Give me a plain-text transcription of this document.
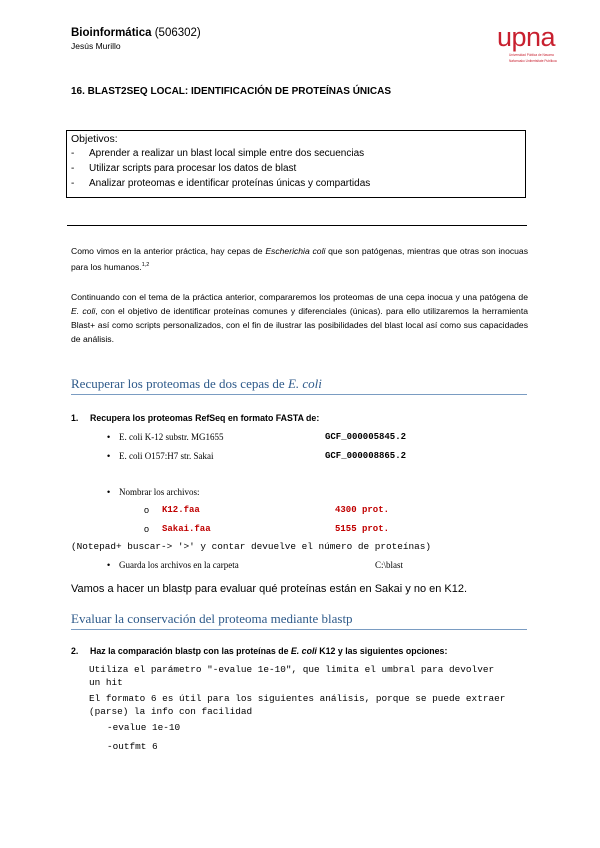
Bioinformática (506302)
Jesús Murillo	upna
Universidad Pública de Navarra
Nafarroako Unibertsitate Publikoa
16. BLAST2SEQ LOCAL: IDENTIFICACIÓN DE PROTEÍNAS ÚNICAS
Objetivos:
- Aprender a realizar un blast local simple entre dos secuencias
- Utilizar scripts para procesar los datos de blast
- Analizar proteomas e identificar proteínas únicas y compartidas
Como vimos en la anterior práctica, hay cepas de Escherichia coli que son patógenas, mientras que otras son inocuas para los humanos.$^{1,2}$
Continuando con el tema de la práctica anterior, compararemos los proteomas de una cepa inocua y una patógena de E. coli, con el objetivo de identificar proteínas comunes y diferenciales (únicas). para ello utilizaremos la herramienta Blast+ así como scripts personalizados, con el fin de ilustrar las posibilidades del blast local así como sus capacidades de análisis.
Recuperar los proteomas de dos cepas de E. coli
1. Recupera los proteomas RefSeq en formato FASTA de:
• E. coli K-12 substr. MG1655	GCF_000005845.2
• E. coli O157:H7 str. Sakai	GCF_000008865.2
• Nombrar los archivos:
o K12.faa	4300 prot.
o Sakai.faa	5155 prot.
(Notepad+ buscar-> '>' y contar devuelve el número de proteínas)
• Guarda los archivos en la carpeta	C:\blast
Vamos a hacer un blastp para evaluar qué proteínas están en Sakai y no en K12.
Evaluar la conservación del proteoma mediante blastp
2. Haz la comparación blastp con las proteínas de E. coli K12 y las siguientes opciones:
Utiliza el parámetro "-evalue 1e-10", que limita el umbral para devolver
un hit
El formato 6 es útil para los siguientes análisis, porque se puede extraer
(parse) la info con facilidad
-evalue 1e-10
-outfmt 6
